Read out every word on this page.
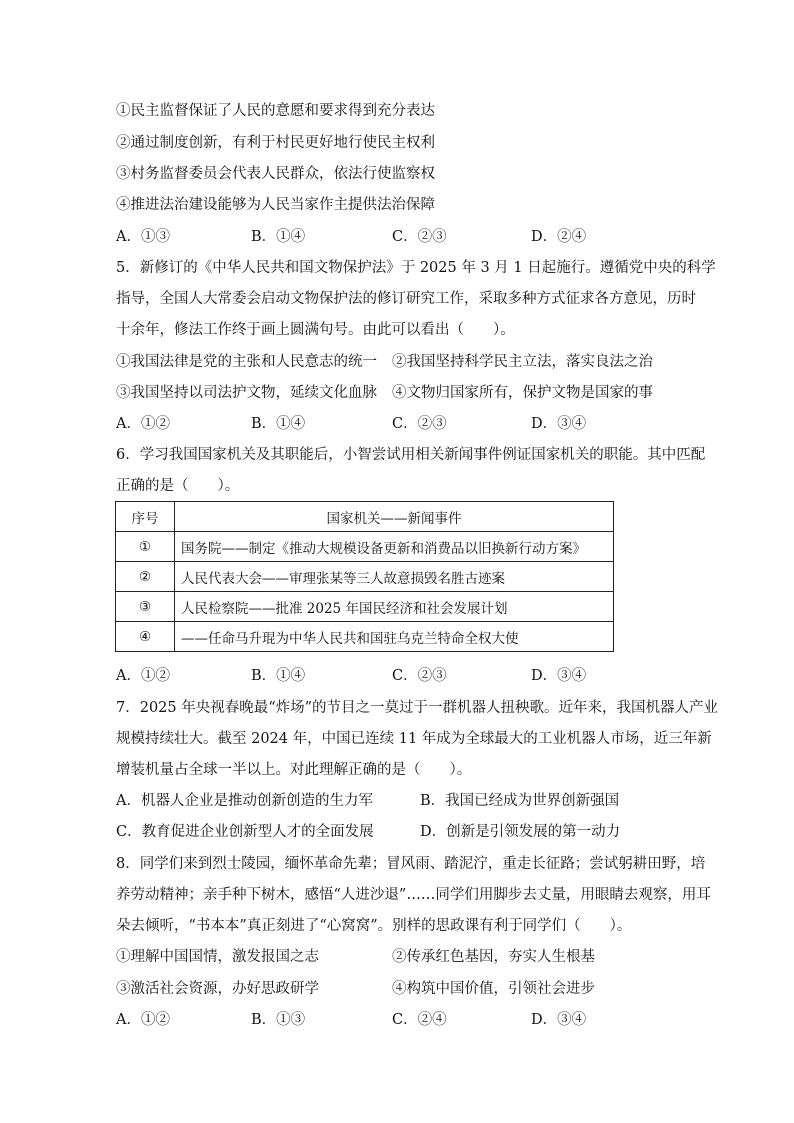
①民主监督保证了人民的意愿和要求得到充分表达
②通过制度创新，有利于村民更好地行使民主权利
③村务监督委员会代表人民群众，依法行使监察权
④推进法治建设能够为人民当家作主提供法治保障
A．①③	B．①④	C．②③	D．②④
5．新修订的《中华人民共和国文物保护法》于 2025 年 3 月 1 日起施行。遵循党中央的科学
指导，全国人大常委会启动文物保护法的修订研究工作，采取多种方式征求各方意见，历时
十余年，修法工作终于画上圆满句号。由此可以看出（　　）。
①我国法律是党的主张和人民意志的统一 ②我国坚持科学民主立法，落实良法之治
③我国坚持以司法护文物，延续文化血脉 ④文物归国家所有，保护文物是国家的事
A．①②	B．①④	C．②③	D．③④
6．学习我国国家机关及其职能后，小智尝试用相关新闻事件例证国家机关的职能。其中匹配
正确的是（　　）。
序号	国家机关——新闻事件
①	国务院——制定《推动大规模设备更新和消费品以旧换新行动方案》
②	人民代表大会——审理张某等三人故意损毁名胜古迹案
③	人民检察院——批准 2025 年国民经济和社会发展计划
④	——任命马升琨为中华人民共和国驻乌克兰特命全权大使
A．①②	B．①④	C．②③	D．③④
7．2025 年央视春晚最“炸场”的节目之一莫过于一群机器人扭秧歌。近年来，我国机器人产业
规模持续壮大。截至 2024 年，中国已连续 11 年成为全球最大的工业机器人市场，近三年新
增装机量占全球一半以上。对此理解正确的是（　　）。
A．机器人企业是推动创新创造的生力军	B．我国已经成为世界创新强国
C．教育促进企业创新型人才的全面发展	D．创新是引领发展的第一动力
8．同学们来到烈士陵园，缅怀革命先辈；冒风雨、踏泥泞，重走长征路；尝试躬耕田野，培
养劳动精神；亲手种下树木，感悟“人进沙退”……同学们用脚步去丈量，用眼睛去观察，用耳
朵去倾听，“书本本”真正刻进了“心窝窝”。别样的思政课有利于同学们（　　）。
①理解中国国情，激发报国之志	②传承红色基因，夯实人生根基
③激活社会资源，办好思政研学	④构筑中国价值，引领社会进步
A．①②	B．①③	C．②④	D．③④
